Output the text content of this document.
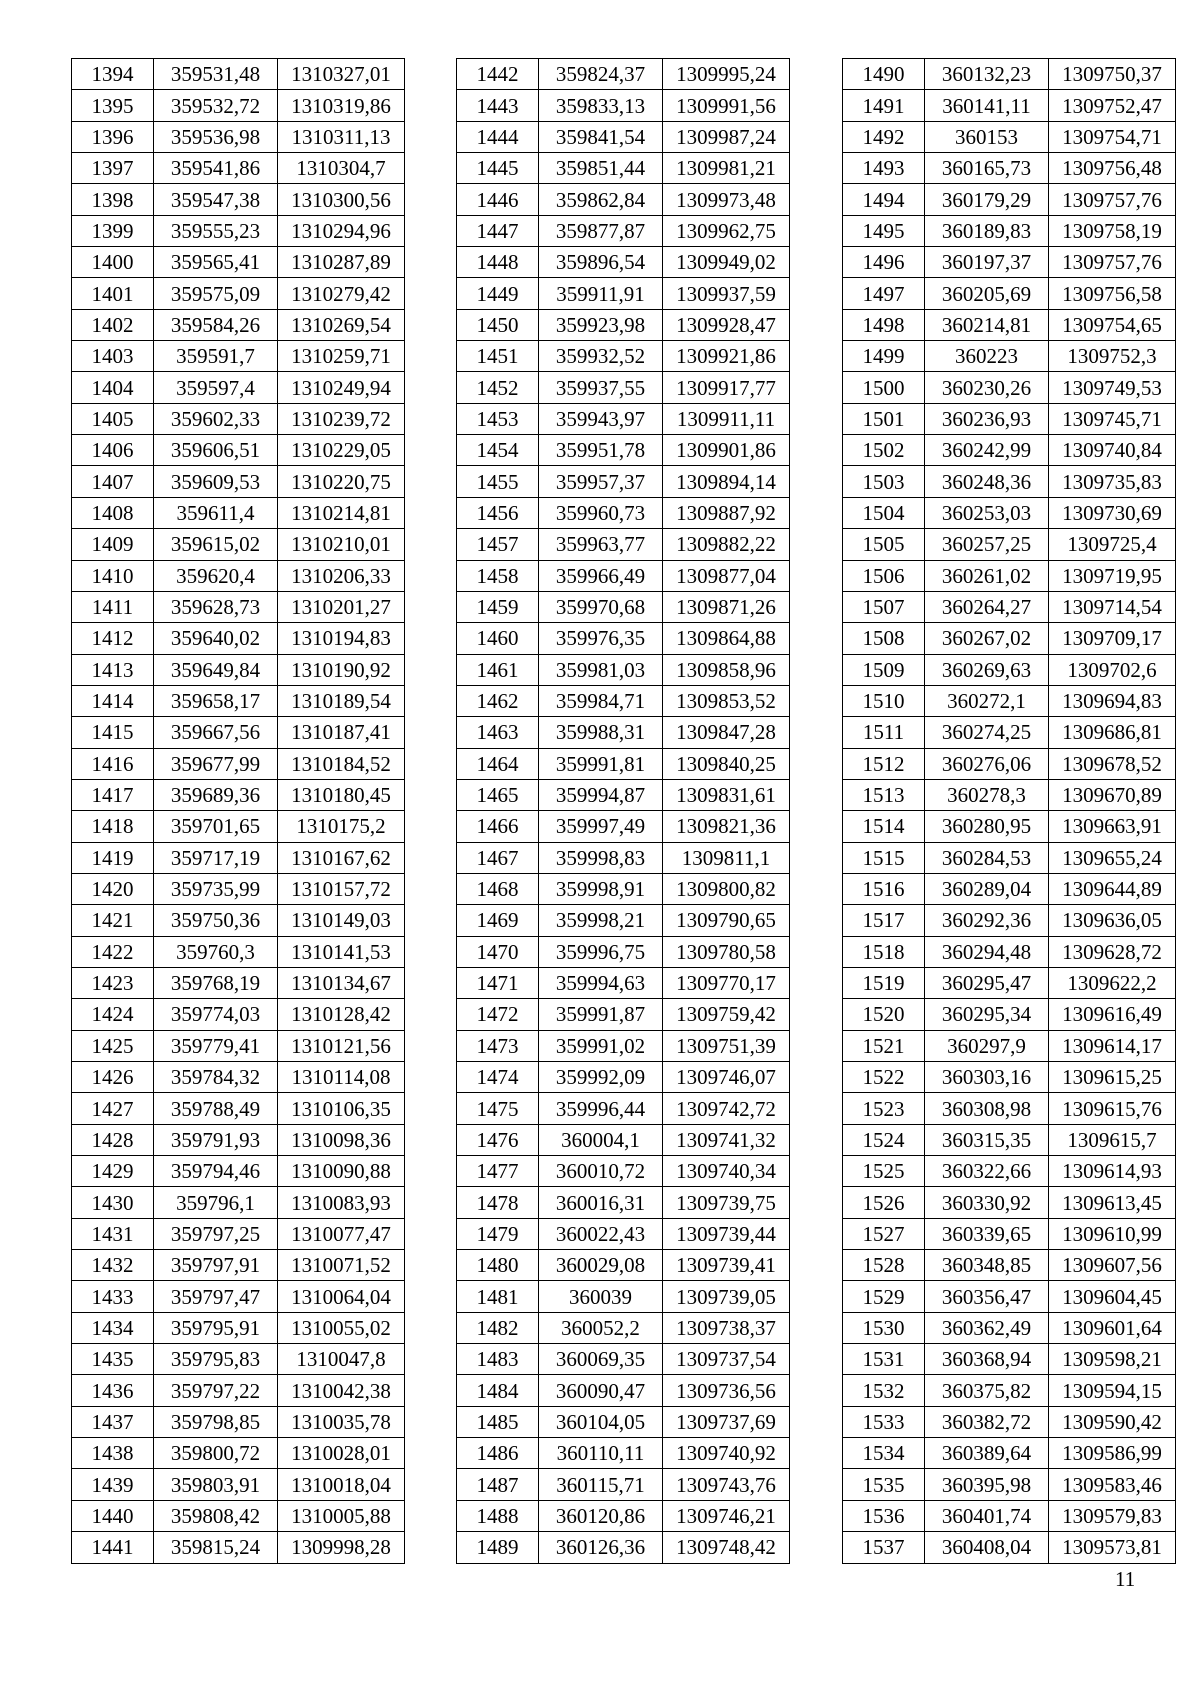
1394	359531,48	1310327,01
1395	359532,72	1310319,86
1396	359536,98	1310311,13
1397	359541,86	1310304,7
1398	359547,38	1310300,56
1399	359555,23	1310294,96
1400	359565,41	1310287,89
1401	359575,09	1310279,42
1402	359584,26	1310269,54
1403	359591,7	1310259,71
1404	359597,4	1310249,94
1405	359602,33	1310239,72
1406	359606,51	1310229,05
1407	359609,53	1310220,75
1408	359611,4	1310214,81
1409	359615,02	1310210,01
1410	359620,4	1310206,33
1411	359628,73	1310201,27
1412	359640,02	1310194,83
1413	359649,84	1310190,92
1414	359658,17	1310189,54
1415	359667,56	1310187,41
1416	359677,99	1310184,52
1417	359689,36	1310180,45
1418	359701,65	1310175,2
1419	359717,19	1310167,62
1420	359735,99	1310157,72
1421	359750,36	1310149,03
1422	359760,3	1310141,53
1423	359768,19	1310134,67
1424	359774,03	1310128,42
1425	359779,41	1310121,56
1426	359784,32	1310114,08
1427	359788,49	1310106,35
1428	359791,93	1310098,36
1429	359794,46	1310090,88
1430	359796,1	1310083,93
1431	359797,25	1310077,47
1432	359797,91	1310071,52
1433	359797,47	1310064,04
1434	359795,91	1310055,02
1435	359795,83	1310047,8
1436	359797,22	1310042,38
1437	359798,85	1310035,78
1438	359800,72	1310028,01
1439	359803,91	1310018,04
1440	359808,42	1310005,88
1441	359815,24	1309998,28
1442	359824,37	1309995,24
1443	359833,13	1309991,56
1444	359841,54	1309987,24
1445	359851,44	1309981,21
1446	359862,84	1309973,48
1447	359877,87	1309962,75
1448	359896,54	1309949,02
1449	359911,91	1309937,59
1450	359923,98	1309928,47
1451	359932,52	1309921,86
1452	359937,55	1309917,77
1453	359943,97	1309911,11
1454	359951,78	1309901,86
1455	359957,37	1309894,14
1456	359960,73	1309887,92
1457	359963,77	1309882,22
1458	359966,49	1309877,04
1459	359970,68	1309871,26
1460	359976,35	1309864,88
1461	359981,03	1309858,96
1462	359984,71	1309853,52
1463	359988,31	1309847,28
1464	359991,81	1309840,25
1465	359994,87	1309831,61
1466	359997,49	1309821,36
1467	359998,83	1309811,1
1468	359998,91	1309800,82
1469	359998,21	1309790,65
1470	359996,75	1309780,58
1471	359994,63	1309770,17
1472	359991,87	1309759,42
1473	359991,02	1309751,39
1474	359992,09	1309746,07
1475	359996,44	1309742,72
1476	360004,1	1309741,32
1477	360010,72	1309740,34
1478	360016,31	1309739,75
1479	360022,43	1309739,44
1480	360029,08	1309739,41
1481	360039	1309739,05
1482	360052,2	1309738,37
1483	360069,35	1309737,54
1484	360090,47	1309736,56
1485	360104,05	1309737,69
1486	360110,11	1309740,92
1487	360115,71	1309743,76
1488	360120,86	1309746,21
1489	360126,36	1309748,42
1490	360132,23	1309750,37
1491	360141,11	1309752,47
1492	360153	1309754,71
1493	360165,73	1309756,48
1494	360179,29	1309757,76
1495	360189,83	1309758,19
1496	360197,37	1309757,76
1497	360205,69	1309756,58
1498	360214,81	1309754,65
1499	360223	1309752,3
1500	360230,26	1309749,53
1501	360236,93	1309745,71
1502	360242,99	1309740,84
1503	360248,36	1309735,83
1504	360253,03	1309730,69
1505	360257,25	1309725,4
1506	360261,02	1309719,95
1507	360264,27	1309714,54
1508	360267,02	1309709,17
1509	360269,63	1309702,6
1510	360272,1	1309694,83
1511	360274,25	1309686,81
1512	360276,06	1309678,52
1513	360278,3	1309670,89
1514	360280,95	1309663,91
1515	360284,53	1309655,24
1516	360289,04	1309644,89
1517	360292,36	1309636,05
1518	360294,48	1309628,72
1519	360295,47	1309622,2
1520	360295,34	1309616,49
1521	360297,9	1309614,17
1522	360303,16	1309615,25
1523	360308,98	1309615,76
1524	360315,35	1309615,7
1525	360322,66	1309614,93
1526	360330,92	1309613,45
1527	360339,65	1309610,99
1528	360348,85	1309607,56
1529	360356,47	1309604,45
1530	360362,49	1309601,64
1531	360368,94	1309598,21
1532	360375,82	1309594,15
1533	360382,72	1309590,42
1534	360389,64	1309586,99
1535	360395,98	1309583,46
1536	360401,74	1309579,83
1537	360408,04	1309573,81
11
